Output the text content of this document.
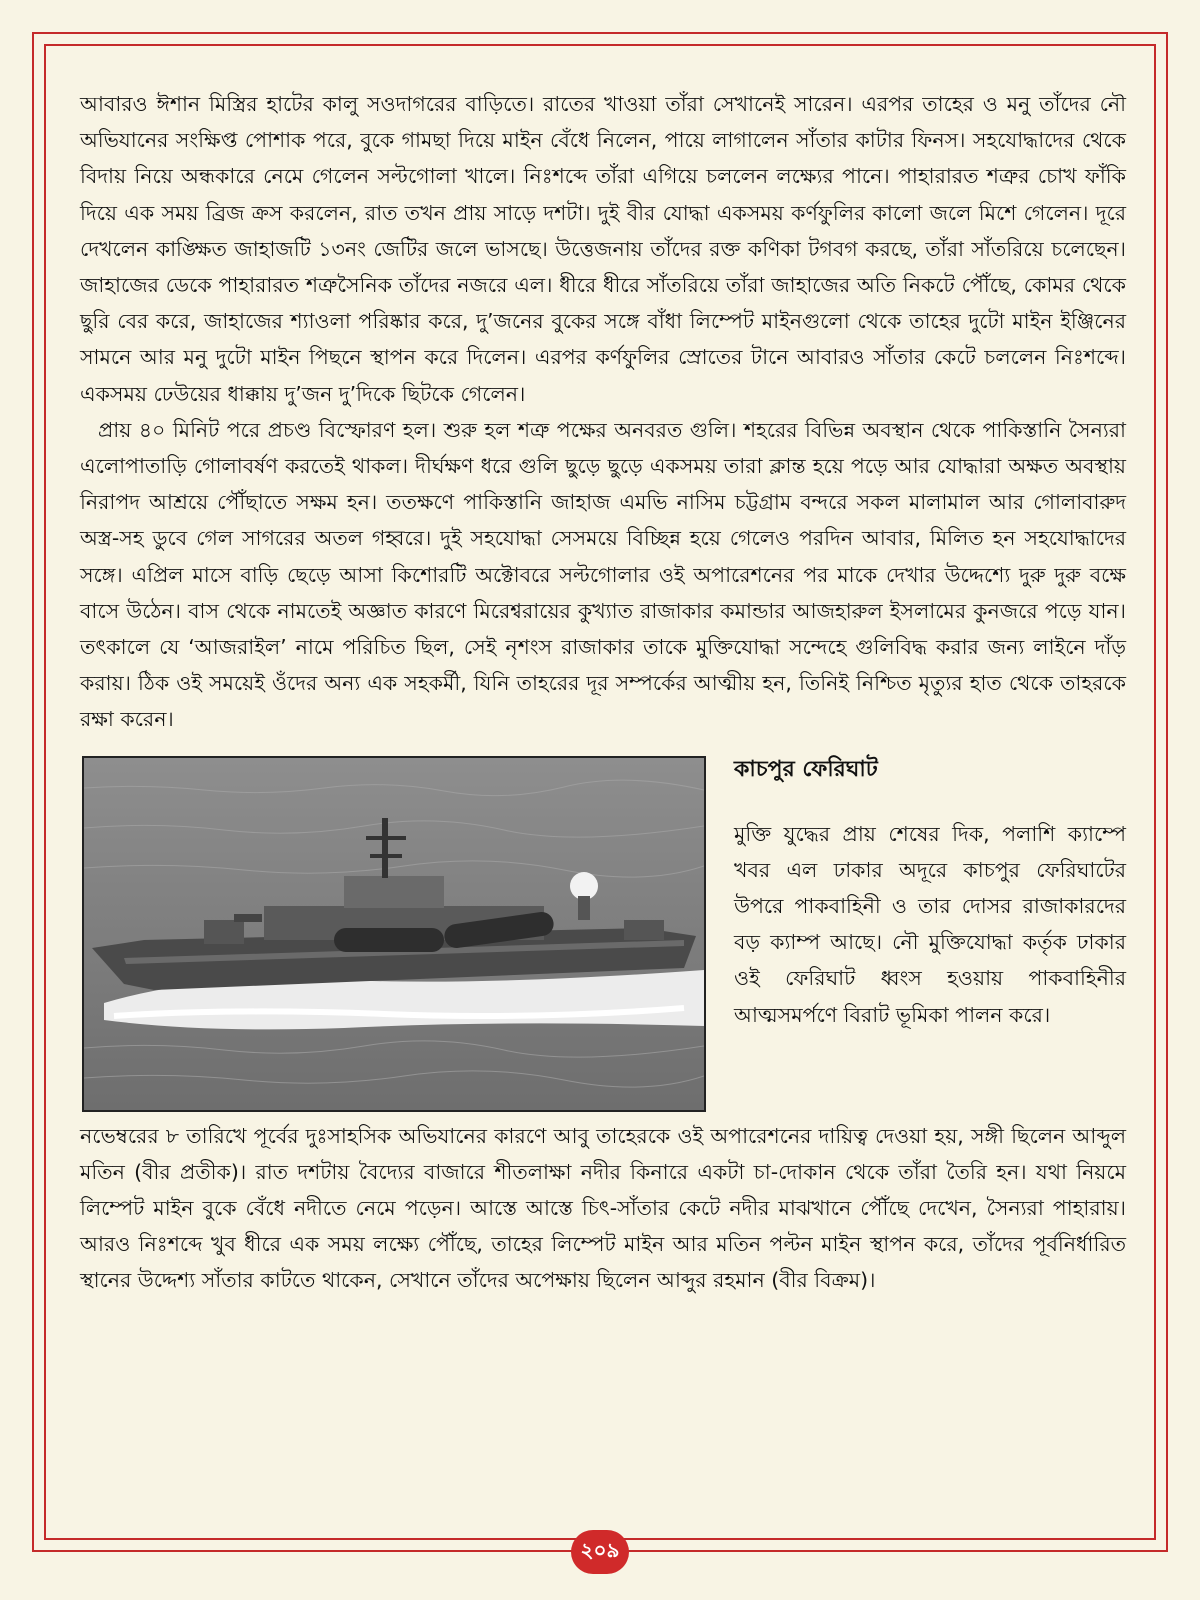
আবারও ঈশান মিস্ত্রির হাটের কালু সওদাগরের বাড়িতে। রাতের খাওয়া তাঁরা সেখানেই সারেন। এরপর তাহের ও মনু তাঁদের নৌ অভিযানের সংক্ষিপ্ত পোশাক পরে, বুকে গামছা দিয়ে মাইন বেঁধে নিলেন, পায়ে লাগালেন সাঁতার কাটার ফিনস। সহযোদ্ধাদের থেকে বিদায় নিয়ে অন্ধকারে নেমে গেলেন সল্টগোলা খালে। নিঃশব্দে তাঁরা এগিয়ে চললেন লক্ষ্যের পানে। পাহারারত শত্রুর চোখ ফাঁকি দিয়ে এক সময় ব্রিজ ক্রস করলেন, রাত তখন প্রায় সাড়ে দশটা। দুই বীর যোদ্ধা একসময় কর্ণফুলির কালো জলে মিশে গেলেন। দূরে দেখলেন কাঙ্ক্ষিত জাহাজটি ১৩নং জেটির জলে ভাসছে। উত্তেজনায় তাঁদের রক্ত কণিকা টগবগ করছে, তাঁরা সাঁতরিয়ে চলেছেন। জাহাজের ডেকে পাহারারত শত্রুসৈনিক তাঁদের নজরে এল। ধীরে ধীরে সাঁতরিয়ে তাঁরা জাহাজের অতি নিকটে পৌঁছে, কোমর থেকে ছুরি বের করে, জাহাজের শ্যাওলা পরিষ্কার করে, দু’জনের বুকের সঙ্গে বাঁধা লিম্পেট মাইনগুলো থেকে তাহের দুটো মাইন ইঞ্জিনের সামনে আর মনু দুটো মাইন পিছনে স্থাপন করে দিলেন। এরপর কর্ণফুলির স্রোতের টানে আবারও সাঁতার কেটে চললেন নিঃশব্দে। একসময় ঢেউয়ের ধাক্কায় দু’জন দু’দিকে ছিটকে গেলেন।

প্রায় ৪০ মিনিট পরে প্রচণ্ড বিস্ফোরণ হল। শুরু হল শত্রু পক্ষের অনবরত গুলি। শহরের বিভিন্ন অবস্থান থেকে পাকিস্তানি সৈন্যরা এলোপাতাড়ি গোলাবর্ষণ করতেই থাকল। দীর্ঘক্ষণ ধরে গুলি ছুড়ে ছুড়ে একসময় তারা ক্লান্ত হয়ে পড়ে আর যোদ্ধারা অক্ষত অবস্থায় নিরাপদ আশ্রয়ে পৌঁছাতে সক্ষম হন। ততক্ষণে পাকিস্তানি জাহাজ এমভি নাসিম চট্টগ্রাম বন্দরে সকল মালামাল আর গোলাবারুদ অস্ত্র-সহ ডুবে গেল সাগরের অতল গহ্বরে। দুই সহযোদ্ধা সেসময়ে বিচ্ছিন্ন হয়ে গেলেও পরদিন আবার, মিলিত হন সহযোদ্ধাদের সঙ্গে। এপ্রিল মাসে বাড়ি ছেড়ে আসা কিশোরটি অক্টোবরে সল্টগোলার ওই অপারেশনের পর মাকে দেখার উদ্দেশ্যে দুরু দুরু বক্ষে বাসে উঠেন। বাস থেকে নামতেই অজ্ঞাত কারণে মিরেশ্বরায়ের কুখ্যাত রাজাকার কমান্ডার আজহারুল ইসলামের কুনজরে পড়ে যান। তৎকালে যে ‘আজরাইল’ নামে পরিচিত ছিল, সেই নৃশংস রাজাকার তাকে মুক্তিযোদ্ধা সন্দেহে গুলিবিদ্ধ করার জন্য লাইনে দাঁড় করায়। ঠিক ওই সময়েই ওঁদের অন্য এক সহকর্মী, যিনি তাহরের দূর সম্পর্কের আত্মীয় হন, তিনিই নিশ্চিত মৃত্যুর হাত থেকে তাহরকে রক্ষা করেন।

কাচপুর ফেরিঘাট

মুক্তি যুদ্ধের প্রায় শেষের দিক, পলাশি ক্যাম্পে খবর এল ঢাকার অদূরে কাচপুর ফেরিঘাটের উপরে পাকবাহিনী ও তার দোসর রাজাকারদের বড় ক্যাম্প আছে। নৌ মুক্তিযোদ্ধা কর্তৃক ঢাকার ওই ফেরিঘাট ধ্বংস হওয়ায় পাকবাহিনীর আত্মসমর্পণে বিরাট ভূমিকা পালন করে।

নভেম্বরের ৮ তারিখে পূর্বের দুঃসাহসিক অভিযানের কারণে আবু তাহেরকে ওই অপারেশনের দায়িত্ব দেওয়া হয়, সঙ্গী ছিলেন আব্দুল মতিন (বীর প্রতীক)। রাত দশটায় বৈদ্যের বাজারে শীতলাক্ষা নদীর কিনারে একটা চা-দোকান থেকে তাঁরা তৈরি হন। যথা নিয়মে লিম্পেট মাইন বুকে বেঁধে নদীতে নেমে পড়েন। আস্তে আস্তে চিৎ-সাঁতার কেটে নদীর মাঝখানে পৌঁছে দেখেন, সৈন্যরা পাহারায়। আরও নিঃশব্দে খুব ধীরে এক সময় লক্ষ্যে পৌঁছে, তাহের লিম্পেট মাইন আর মতিন পল্টন মাইন স্থাপন করে, তাঁদের পূর্বনির্ধারিত স্থানের উদ্দেশ্য সাঁতার কাটতে থাকেন, সেখানে তাঁদের অপেক্ষায় ছিলেন আব্দুর রহমান (বীর বিক্রম)।

২০৯
